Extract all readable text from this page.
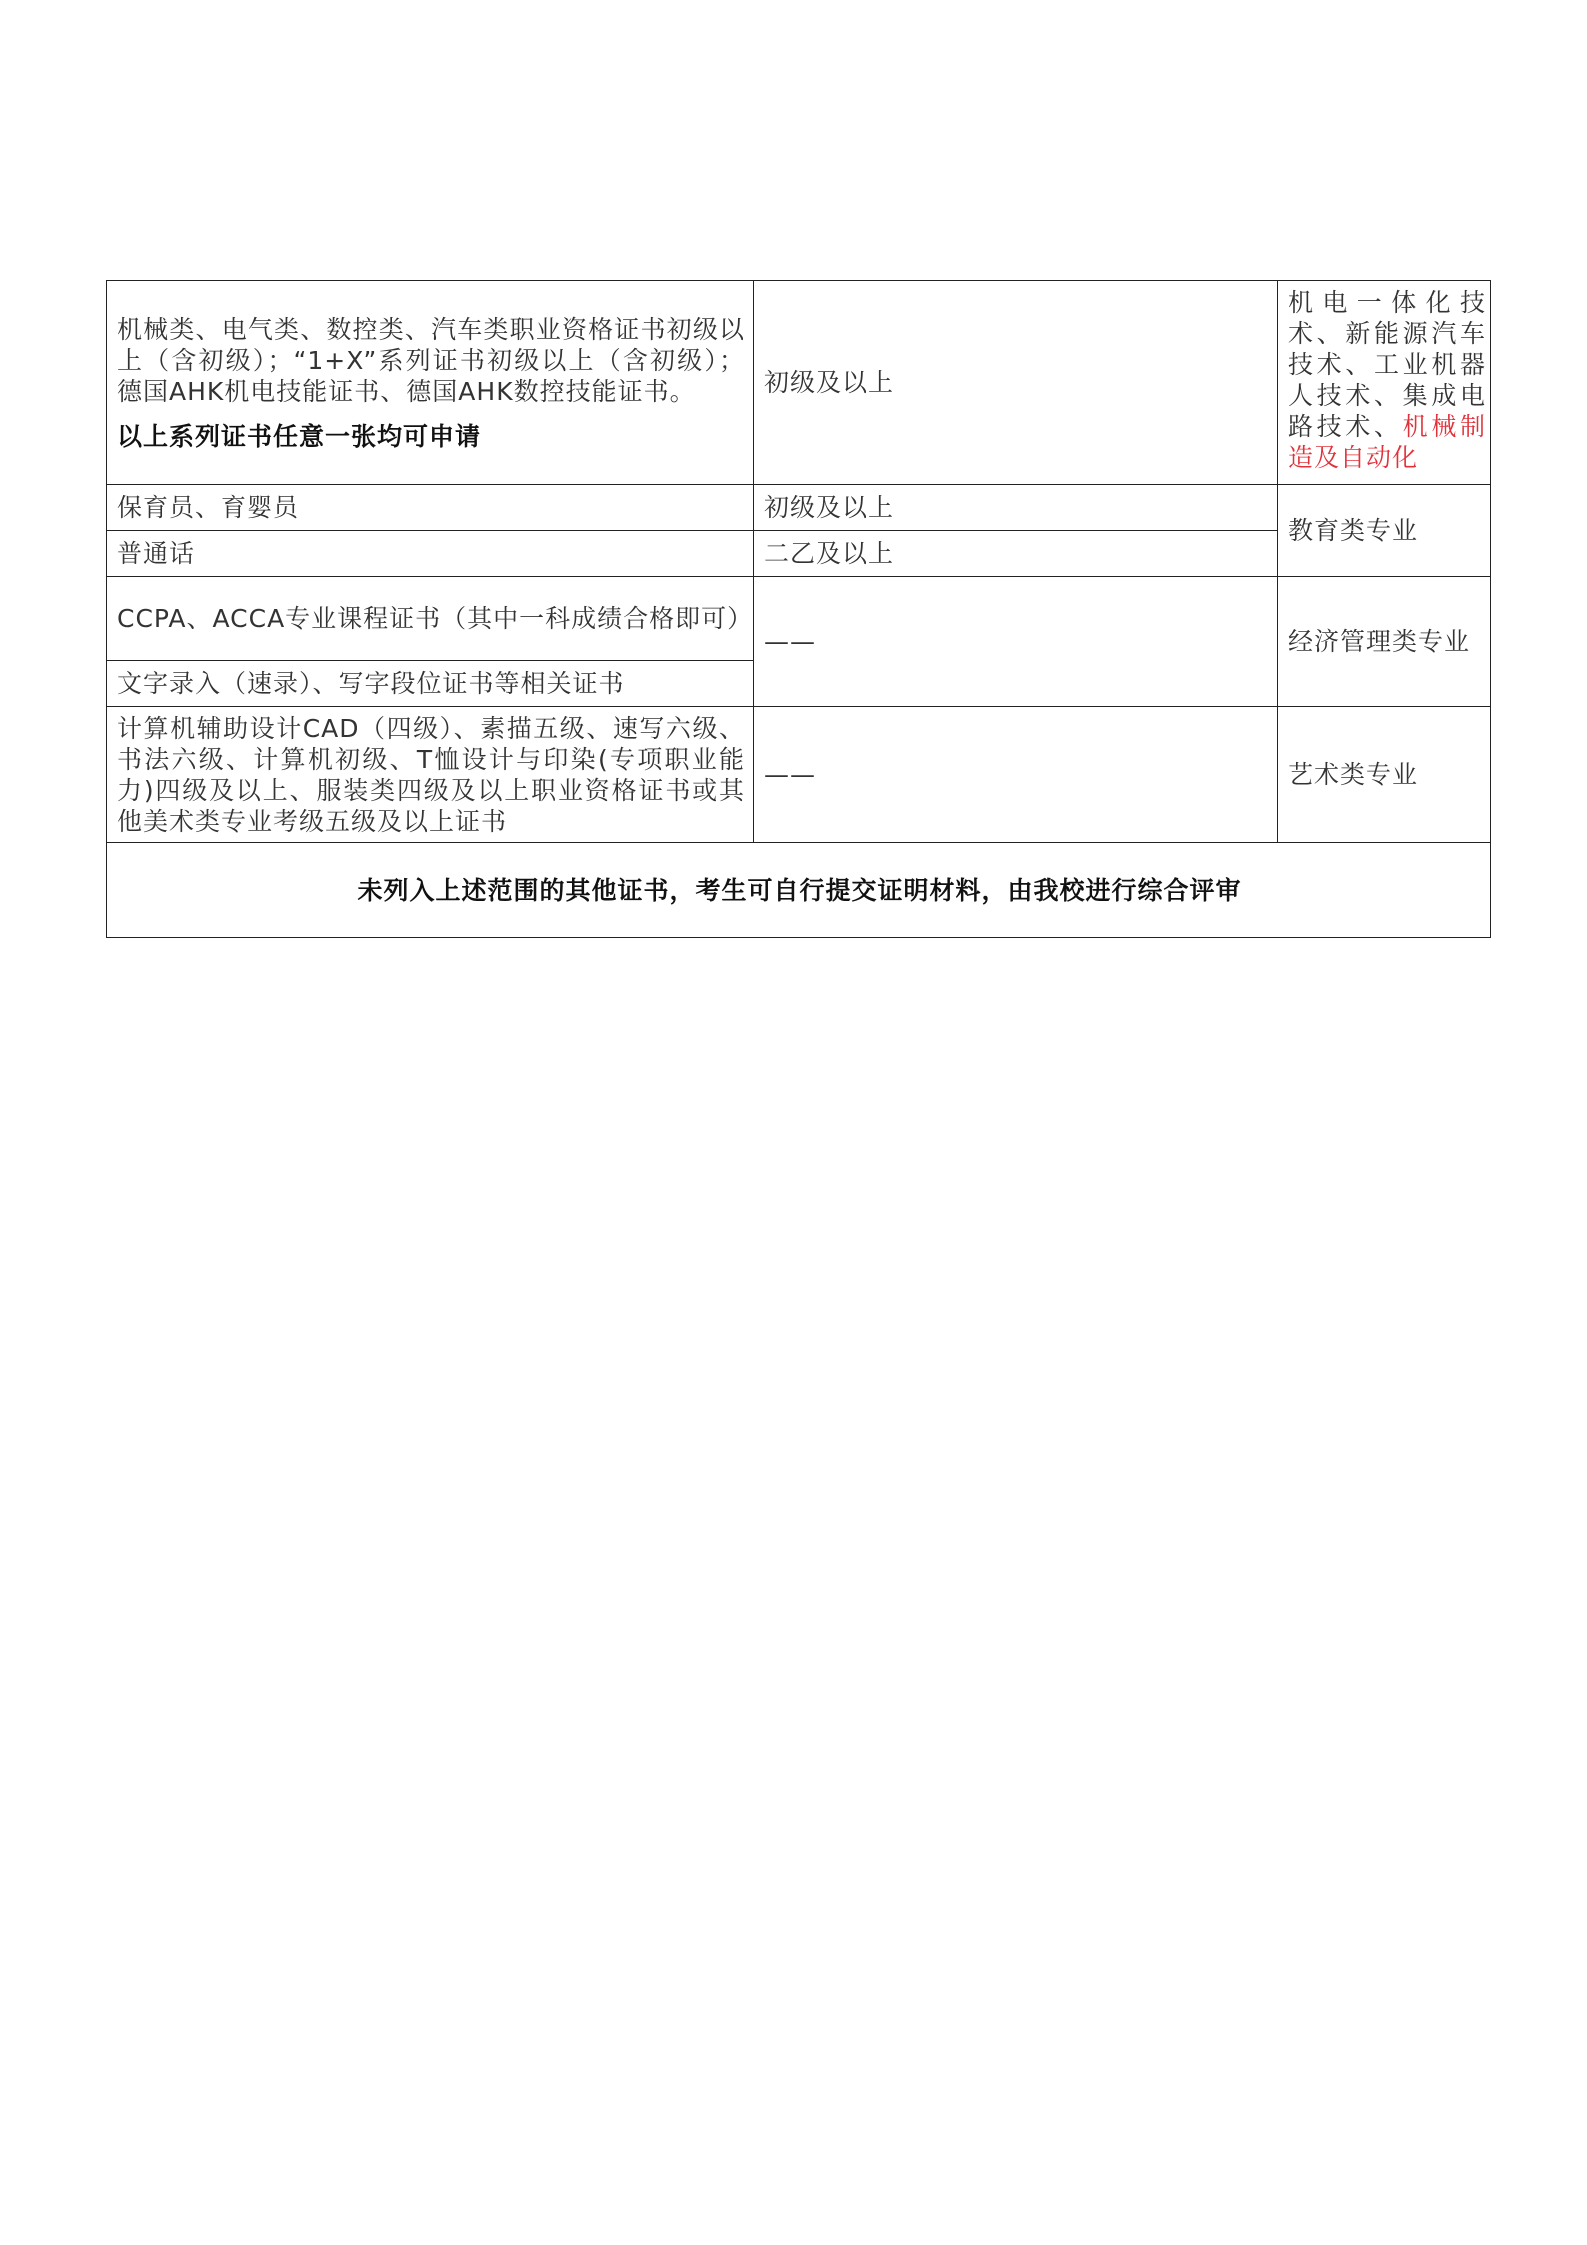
机械类、电气类、数控类、汽车类职业资格证书初级以上（含初级）；“1+X”系列证书初级以上（含初级）；德国AHK机电技能证书、德国AHK数控技能证书。
以上系列证书任意一张均可申请	初级及以上	机电一体化技术、新能源汽车技术、工业机器人技术、集成电路技术、机械制造及自动化
保育员、育婴员	初级及以上	教育类专业
普通话	二乙及以上	
CCPA、ACCA专业课程证书（其中一科成绩合格即可）	——	经济管理类专业
文字录入（速录）、写字段位证书等相关证书		
计算机辅助设计CAD（四级）、素描五级、速写六级、书法六级、计算机初级、T恤设计与印染(专项职业能力)四级及以上、服装类四级及以上职业资格证书或其他美术类专业考级五级及以上证书	——	艺术类专业
未列入上述范围的其他证书，考生可自行提交证明材料，由我校进行综合评审		
